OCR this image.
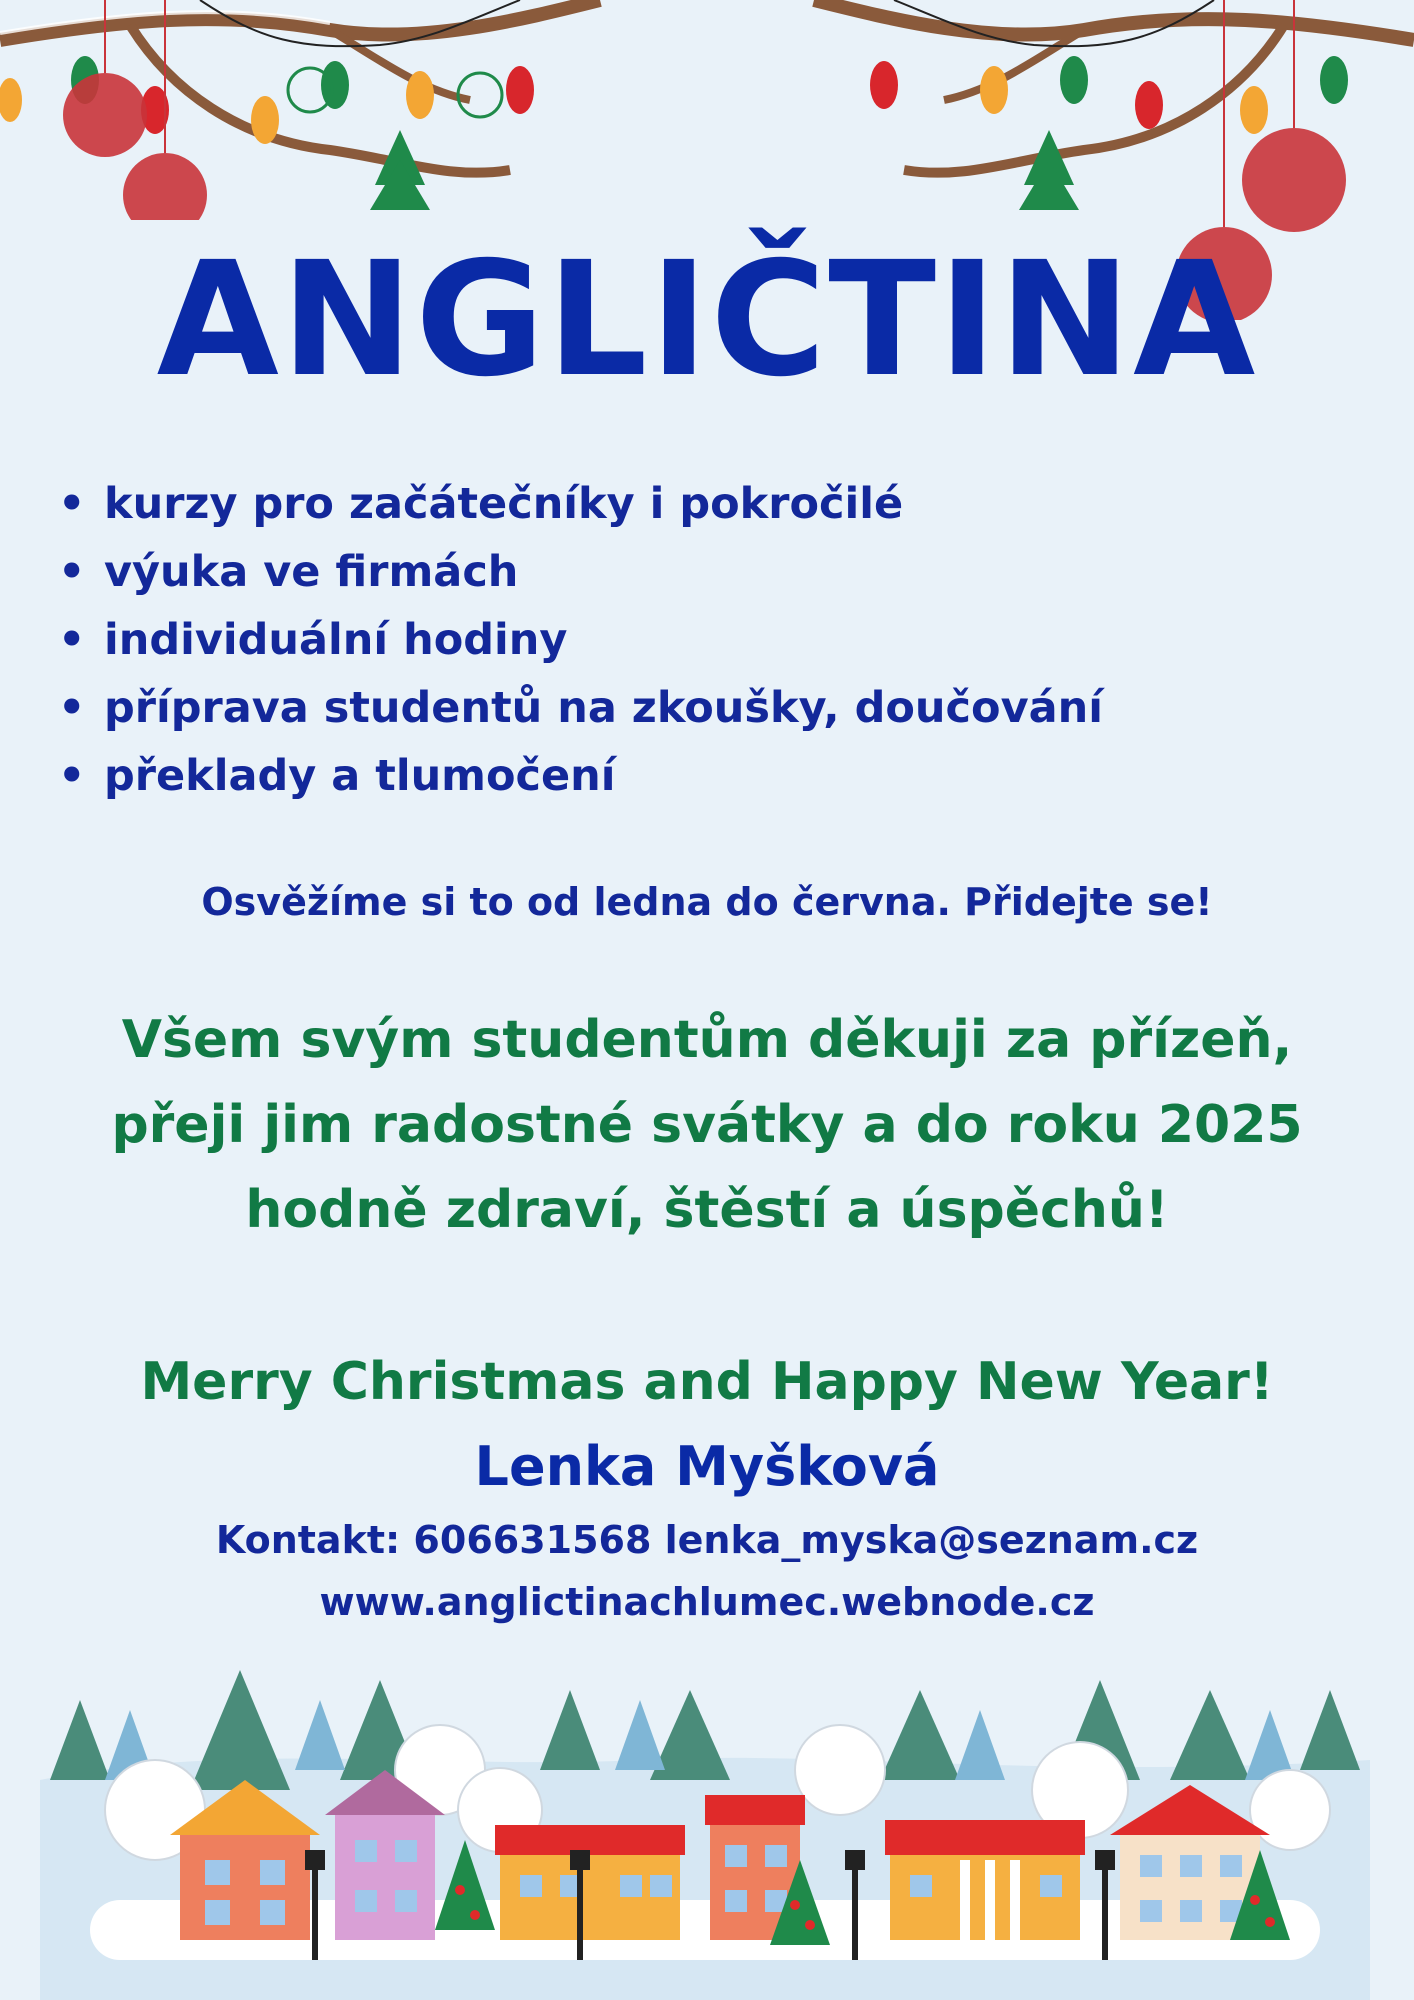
ANGLIČTINA
• kurzy pro začátečníky i pokročilé
• výuka ve firmách
• individuální hodiny
• příprava studentů na zkoušky, doučování
• překlady a tlumočení

Osvěžíme si to od ledna do června. Přidejte se!

Všem svým studentům děkuji za přízeň,

přeji jim radostné svátky a do roku 2025

hodně zdraví, štěstí a úspěchů!

Merry Christmas and Happy New Year!

Lenka Myšková

Kontakt: 606631568 lenka_myska@seznam.cz

www.anglictinachlumec.webnode.cz
